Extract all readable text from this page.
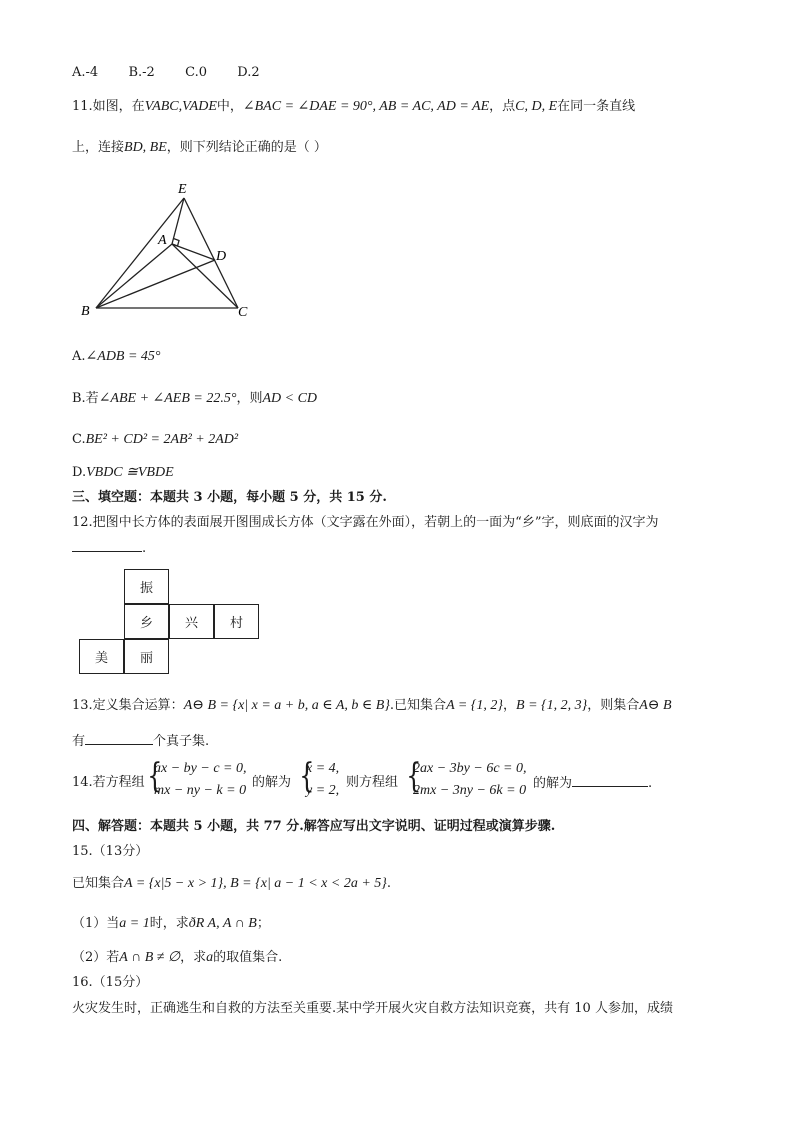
A.-4 B.-2 C.0 D.2
11.如图，在VABC,VADE中，∠BAC = ∠DAE = 90°, AB = AC, AD = AE，点C, D, E在同一条直线
上，连接BD, BE，则下列结论正确的是（ ）
E
A
D
B	C
A.∠ADB = 45°
B.若∠ABE + ∠AEB = 22.5°，则AD < CD
C.BE² + CD² = 2AB² + 2AD²
D.VBDC ≅VBDE
三、填空题：本题共 3 小题，每小题 5 分，共 15 分.
12.把图中长方体的表面展开图围成长方体（文字露在外面），若朝上的一面为“乡”字，则底面的汉字为
.
振
乡	兴	村
美	丽
13.定义集合运算：A⊖ B = {x| x = a + b, a ∈ A, b ∈ B}.已知集合A = {1, 2}，B = {1, 2, 3}，则集合A⊖ B
有	个真子集.
14.若方程组 {
ax − by − c = 0,
mx − ny − k = 0
的解为 {
x = 4,
y = 2,
则方程组 {
2ax − 3by − 6c = 0,
2mx − 3ny − 6k = 0 的解为	.
四、解答题：本题共 5 小题，共 77 分.解答应写出文字说明、证明过程或演算步骤.
15.（13分）
已知集合A = {x|5 − x > 1}, B = {x| a − 1 < x < 2a + 5}.
（1）当a = 1时，求ðR A, A ∩ B；
（2）若A ∩ B ≠ ∅，求a的取值集合.
16.（15分）
火灾发生时，正确逃生和自救的方法至关重要.某中学开展火灾自救方法知识竞赛，共有 10 人参加，成绩
